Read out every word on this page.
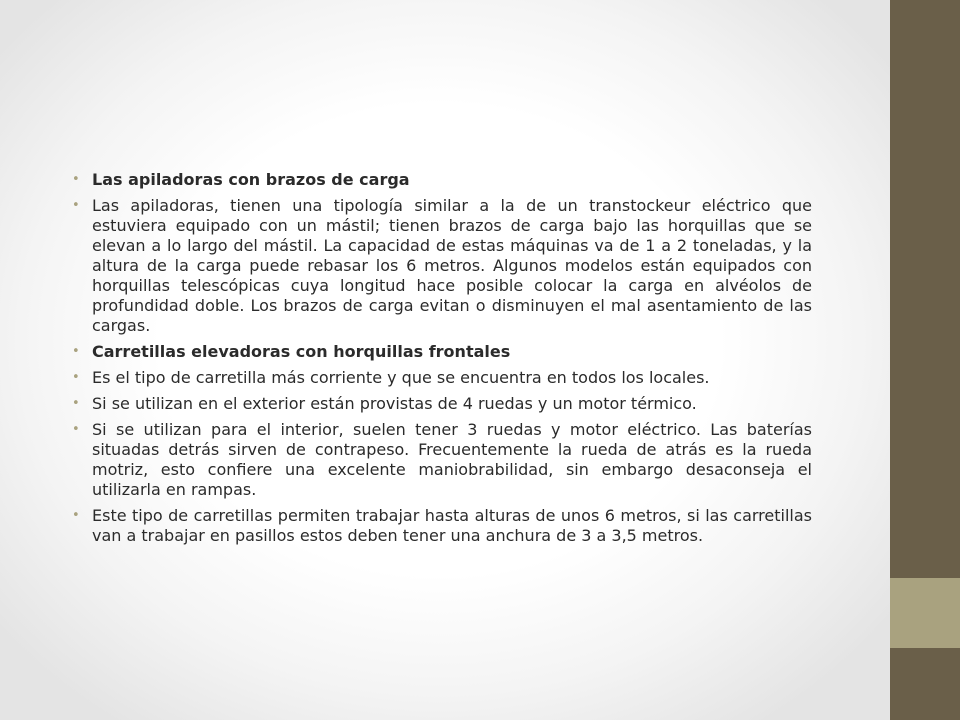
• Las apiladoras con brazos de carga
• Las apiladoras, tienen una tipología similar a la de un transtockeur eléctrico que estuviera equipado con un mástil; tienen brazos de carga bajo las horquillas que se elevan a lo largo del mástil. La capacidad de estas máquinas va de 1 a 2 toneladas, y la altura de la carga puede rebasar los 6 metros. Algunos modelos están equipados con horquillas telescópicas cuya longitud hace posible colocar la carga en alvéolos de profundidad doble. Los brazos de carga evitan o disminuyen el mal asentamiento de las cargas.
• Carretillas elevadoras con horquillas frontales
• Es el tipo de carretilla más corriente y que se encuentra en todos los locales.
• Si se utilizan en el exterior están provistas de 4 ruedas y un motor térmico.
• Si se utilizan para el interior, suelen tener 3 ruedas y motor eléctrico. Las baterías situadas detrás sirven de contrapeso. Frecuentemente la rueda de atrás es la rueda motriz, esto confiere una excelente maniobrabilidad, sin embargo desaconseja el utilizarla en rampas.
• Este tipo de carretillas permiten trabajar hasta alturas de unos 6 metros, si las carretillas van a trabajar en pasillos estos deben tener una anchura de 3 a 3,5 metros.
